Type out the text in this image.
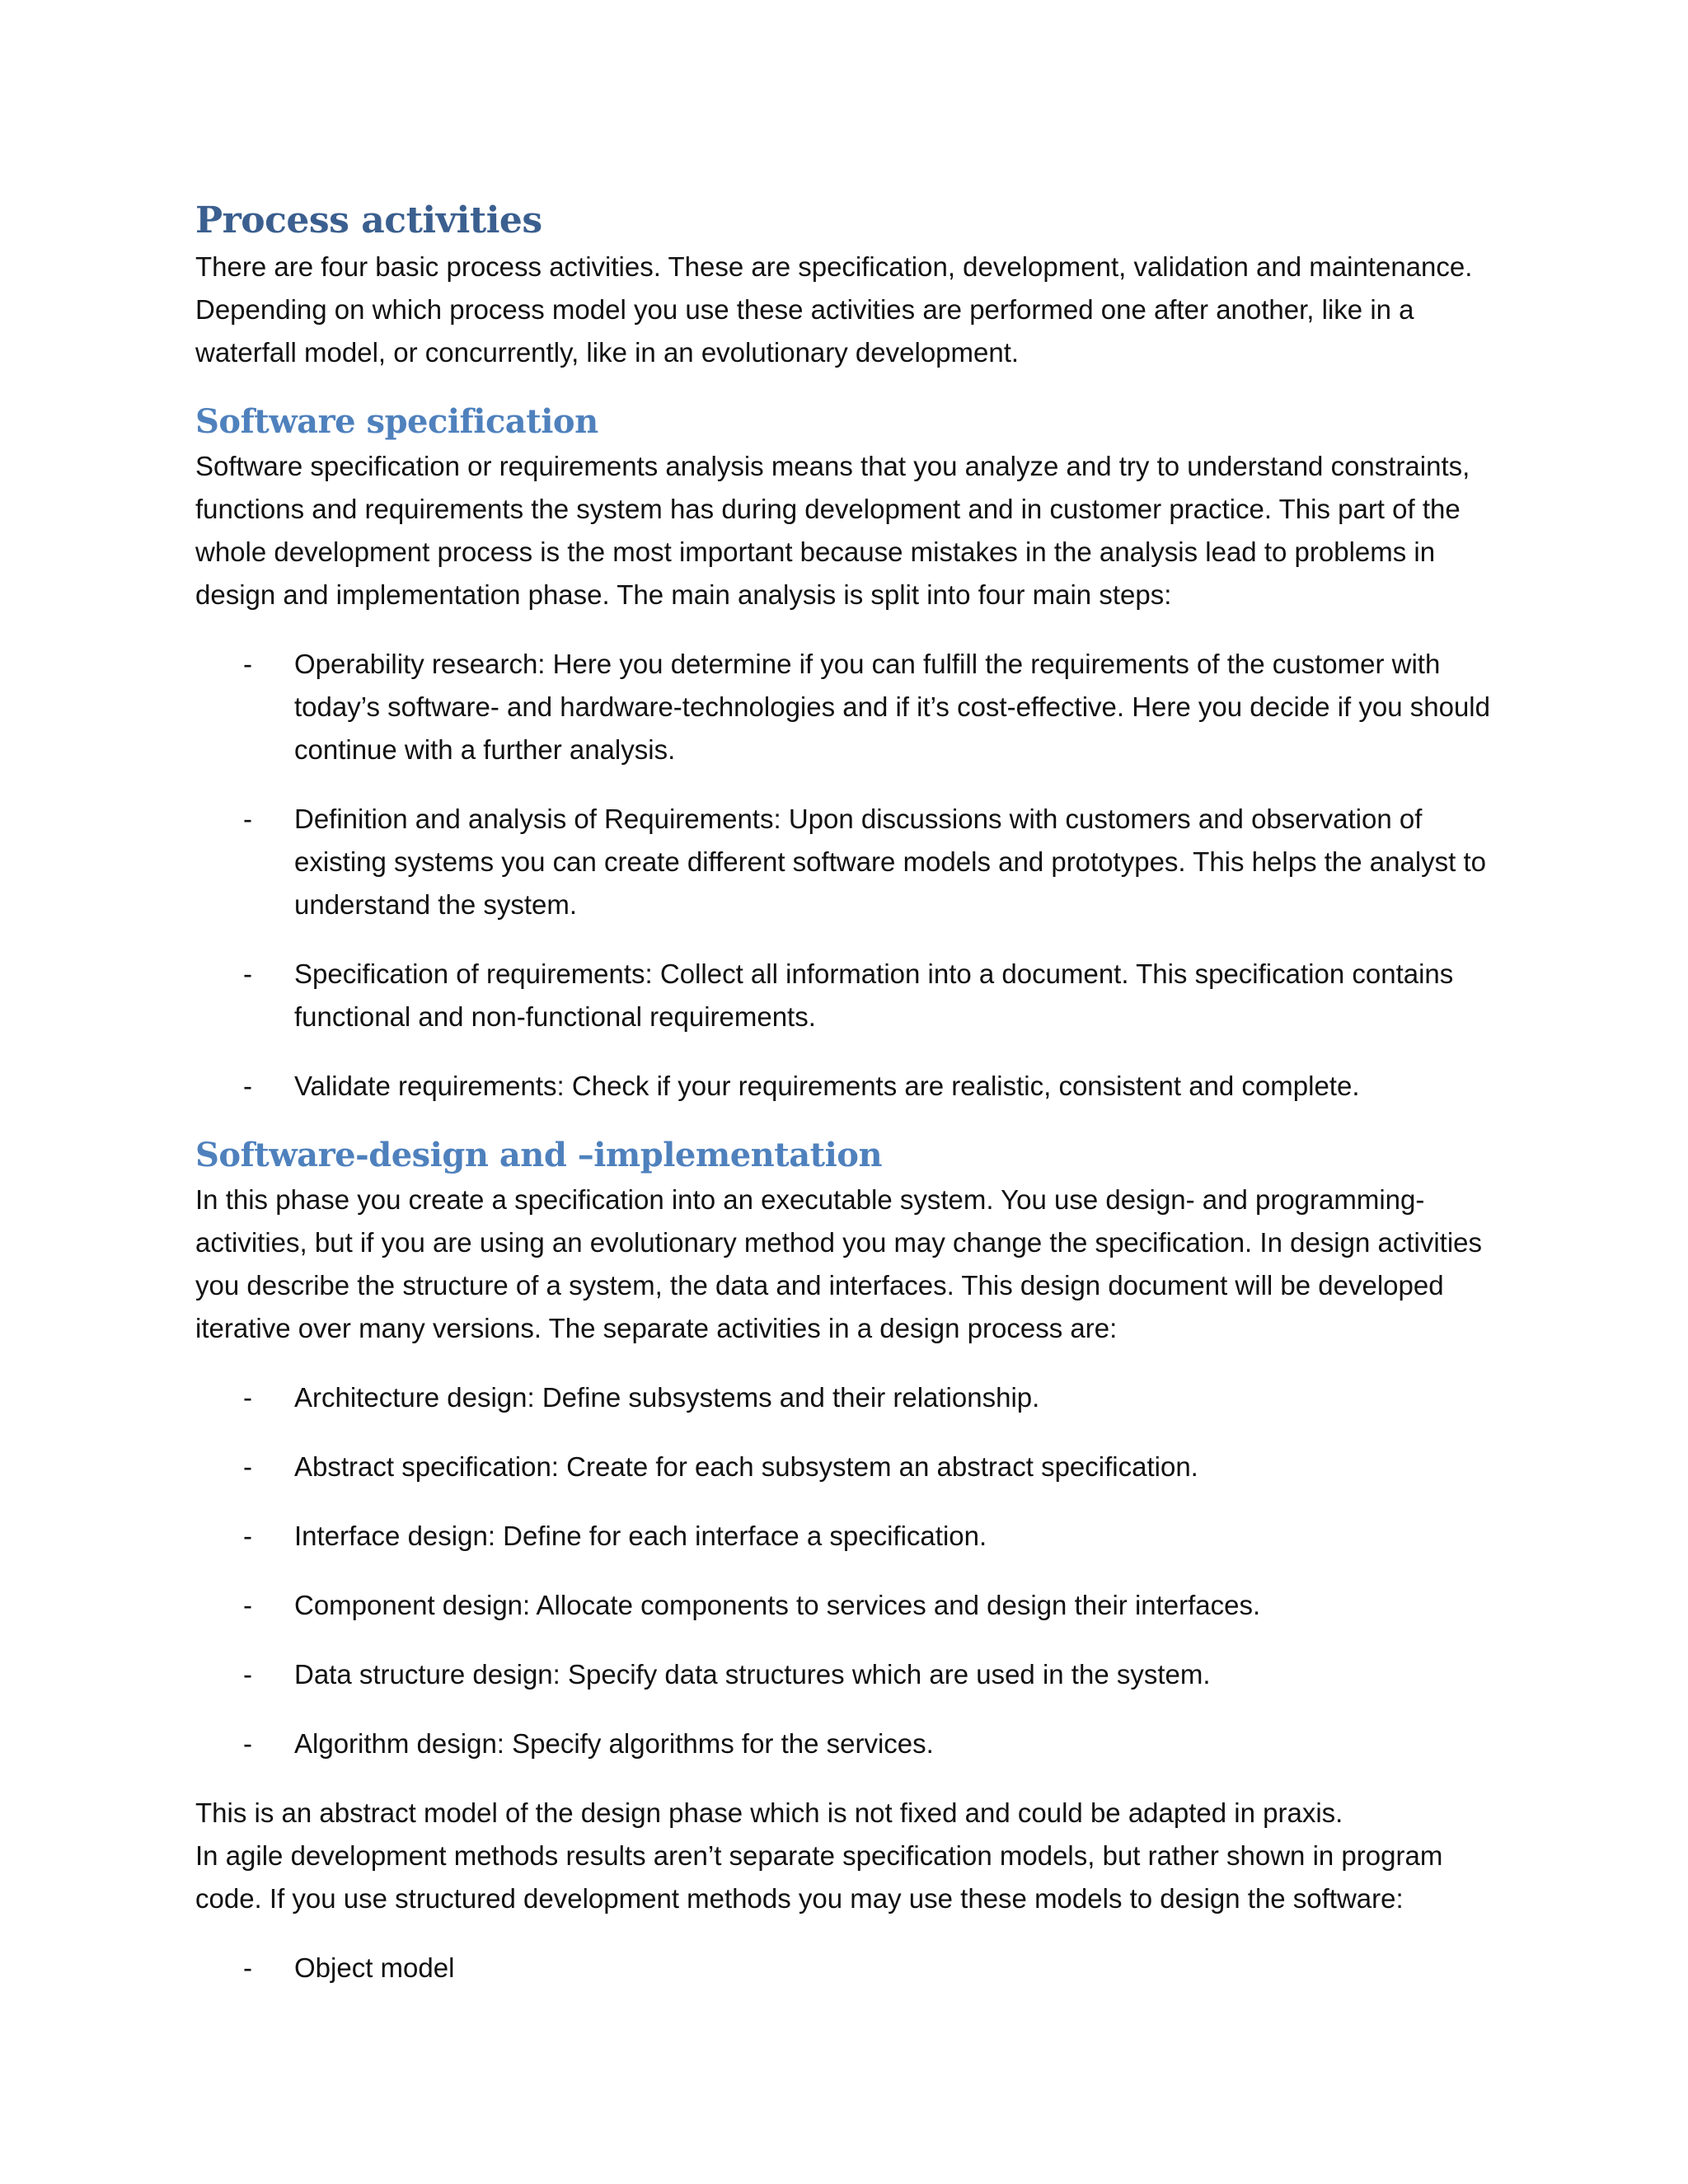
Process activities

There are four basic process activities. These are specification, development, validation and maintenance. Depending on which process model you use these activities are performed one after another, like in a waterfall model, or concurrently, like in an evolutionary development.

Software specification

Software specification or requirements analysis means that you analyze and try to understand constraints, functions and requirements the system has during development and in customer practice. This part of the whole development process is the most important because mistakes in the analysis lead to problems in design and implementation phase. The main analysis is split into four main steps:

- Operability research: Here you determine if you can fulfill the requirements of the customer with today’s software- and hardware-technologies and if it’s cost-effective. Here you decide if you should continue with a further analysis.
- Definition and analysis of Requirements: Upon discussions with customers and observation of existing systems you can create different software models and prototypes. This helps the analyst to understand the system.
- Specification of requirements: Collect all information into a document. This specification contains functional and non-functional requirements.
- Validate requirements: Check if your requirements are realistic, consistent and complete.
Software-design and –implementation

In this phase you create a specification into an executable system. You use design- and programming-activities, but if you are using an evolutionary method you may change the specification. In design activities you describe the structure of a system, the data and interfaces. This design document will be developed iterative over many versions. The separate activities in a design process are:

- Architecture design: Define subsystems and their relationship.
- Abstract specification: Create for each subsystem an abstract specification.
- Interface design: Define for each interface a specification.
- Component design: Allocate components to services and design their interfaces.
- Data structure design: Specify data structures which are used in the system.
- Algorithm design: Specify algorithms for the services.

This is an abstract model of the design phase which is not fixed and could be adapted in praxis.

In agile development methods results aren’t separate specification models, but rather shown in program code. If you use structured development methods you may use these models to design the software:

- Object model
